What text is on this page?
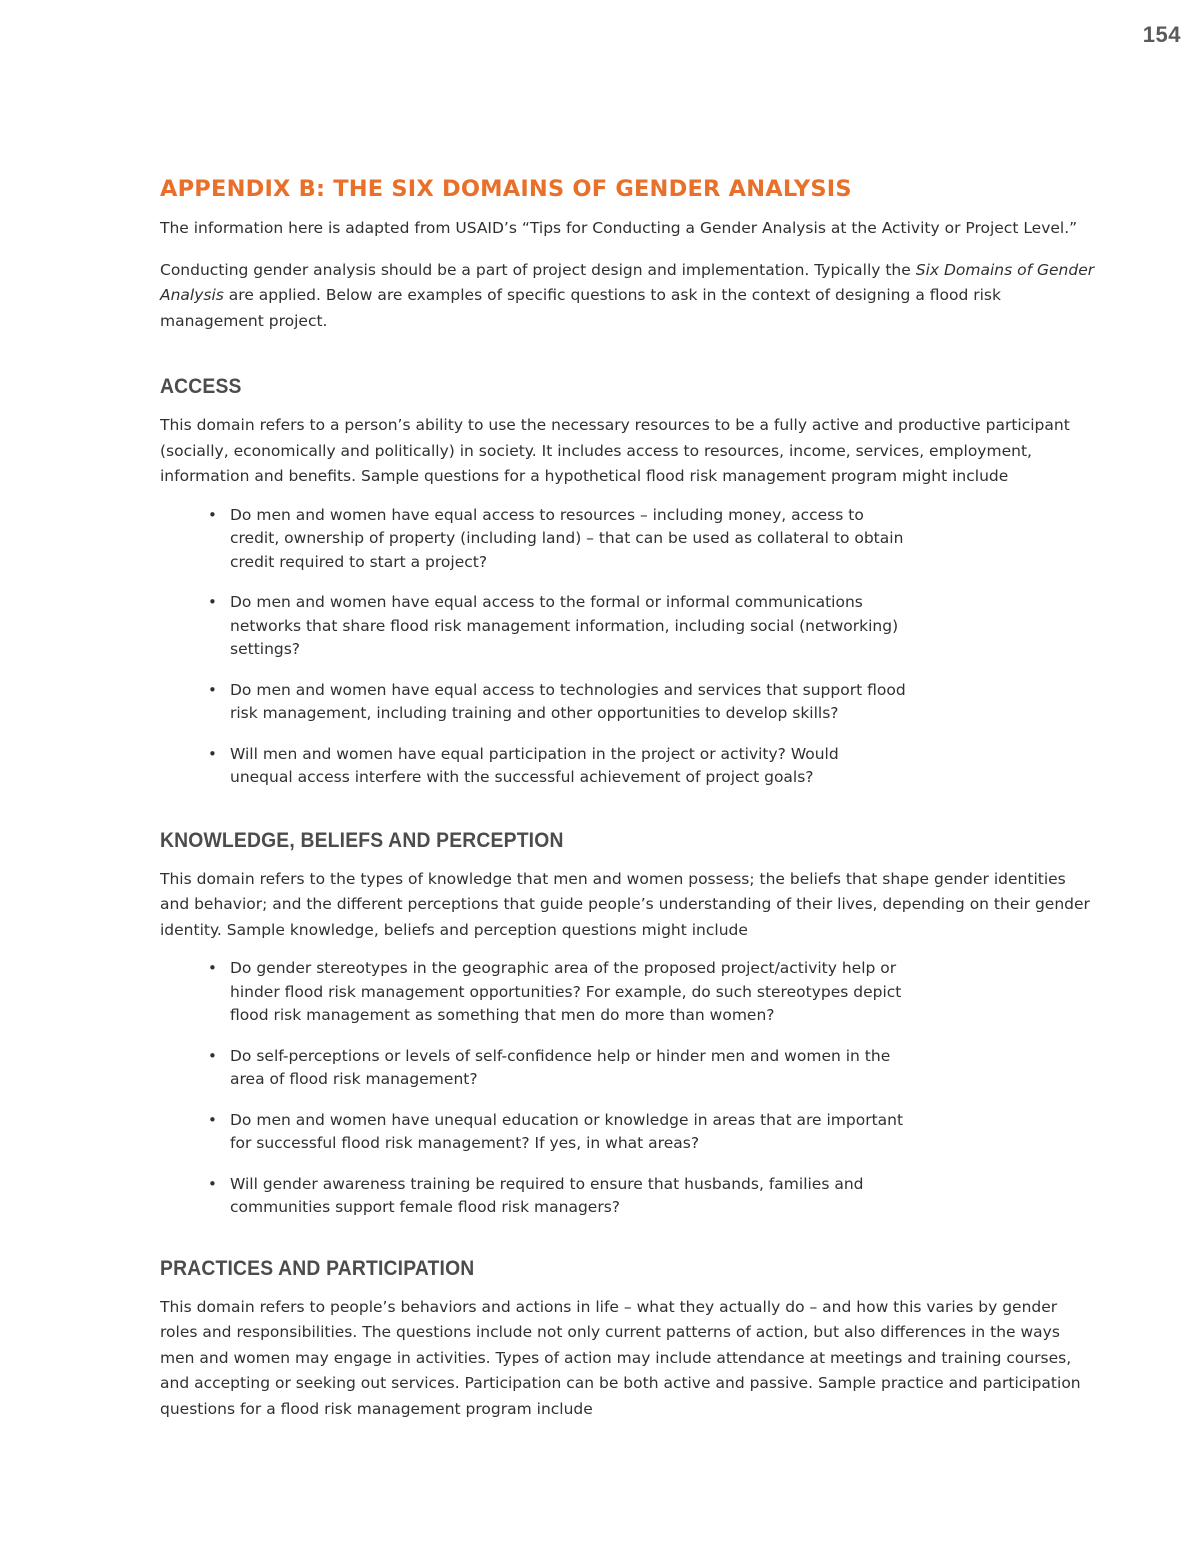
154
APPENDIX B: THE SIX DOMAINS OF GENDER ANALYSIS

The information here is adapted from USAID’s “Tips for Conducting a Gender Analysis at the Activity or Project Level.”

Conducting gender analysis should be a part of project design and implementation. Typically the Six Domains of Gender Analysis are applied. Below are examples of specific questions to ask in the context of designing a flood risk management project.

ACCESS

This domain refers to a person’s ability to use the necessary resources to be a fully active and productive participant (socially, economically and politically) in society. It includes access to resources, income, services, employment, information and benefits. Sample questions for a hypothetical flood risk management program might include

• Do men and women have equal access to resources – including money, access to credit, ownership of property (including land) – that can be used as collateral to obtain credit required to start a project?
• Do men and women have equal access to the formal or informal communications networks that share flood risk management information, including social (networking) settings?
• Do men and women have equal access to technologies and services that support flood risk management, including training and other opportunities to develop skills?
• Will men and women have equal participation in the project or activity? Would unequal access interfere with the successful achievement of project goals?
KNOWLEDGE, BELIEFS AND PERCEPTION

This domain refers to the types of knowledge that men and women possess; the beliefs that shape gender identities and behavior; and the different perceptions that guide people’s understanding of their lives, depending on their gender identity. Sample knowledge, beliefs and perception questions might include

• Do gender stereotypes in the geographic area of the proposed project/activity help or hinder flood risk management opportunities? For example, do such stereotypes depict flood risk management as something that men do more than women?
• Do self-perceptions or levels of self-confidence help or hinder men and women in the area of flood risk management?
• Do men and women have unequal education or knowledge in areas that are important for successful flood risk management? If yes, in what areas?
• Will gender awareness training be required to ensure that husbands, families and communities support female flood risk managers?
PRACTICES AND PARTICIPATION

This domain refers to people’s behaviors and actions in life – what they actually do – and how this varies by gender roles and responsibilities. The questions include not only current patterns of action, but also differences in the ways men and women may engage in activities. Types of action may include attendance at meetings and training courses, and accepting or seeking out services. Participation can be both active and passive. Sample practice and participation questions for a flood risk management program include
